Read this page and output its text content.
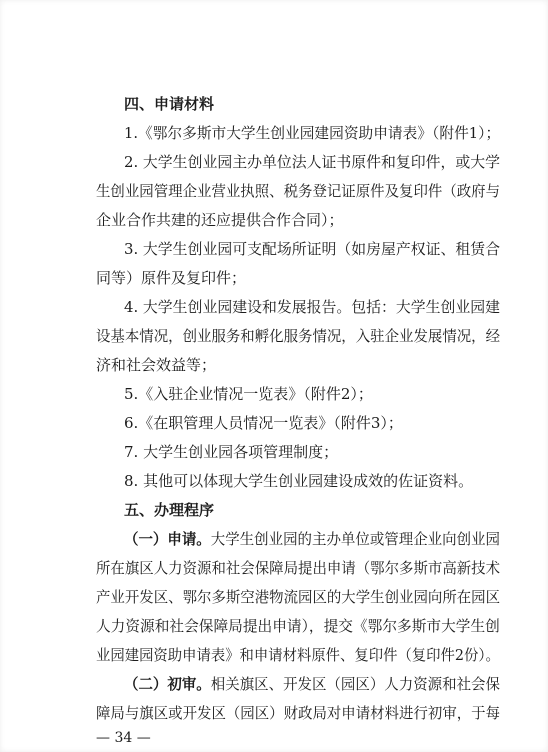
四、申请材料
1.《鄂尔多斯市大学生创业园建园资助申请表》（附件1）；
2. 大学生创业园主办单位法人证书原件和复印件，或大学
生创业园管理企业营业执照、税务登记证原件及复印件（政府与
企业合作共建的还应提供合作合同）；
3. 大学生创业园可支配场所证明（如房屋产权证、租赁合
同等）原件及复印件；
4. 大学生创业园建设和发展报告。包括：大学生创业园建
设基本情况，创业服务和孵化服务情况，入驻企业发展情况，经
济和社会效益等；
5.《入驻企业情况一览表》（附件2）；
6.《在职管理人员情况一览表》（附件3）；
7. 大学生创业园各项管理制度；
8. 其他可以体现大学生创业园建设成效的佐证资料。
五、办理程序
（一）申请。大学生创业园的主办单位或管理企业向创业园
所在旗区人力资源和社会保障局提出申请（鄂尔多斯市高新技术
产业开发区、鄂尔多斯空港物流园区的大学生创业园向所在园区
人力资源和社会保障局提出申请），提交《鄂尔多斯市大学生创
业园建园资助申请表》和申请材料原件、复印件（复印件2份）。
（二）初审。相关旗区、开发区（园区）人力资源和社会保
障局与旗区或开发区（园区）财政局对申请材料进行初审，于每
— 34 —
